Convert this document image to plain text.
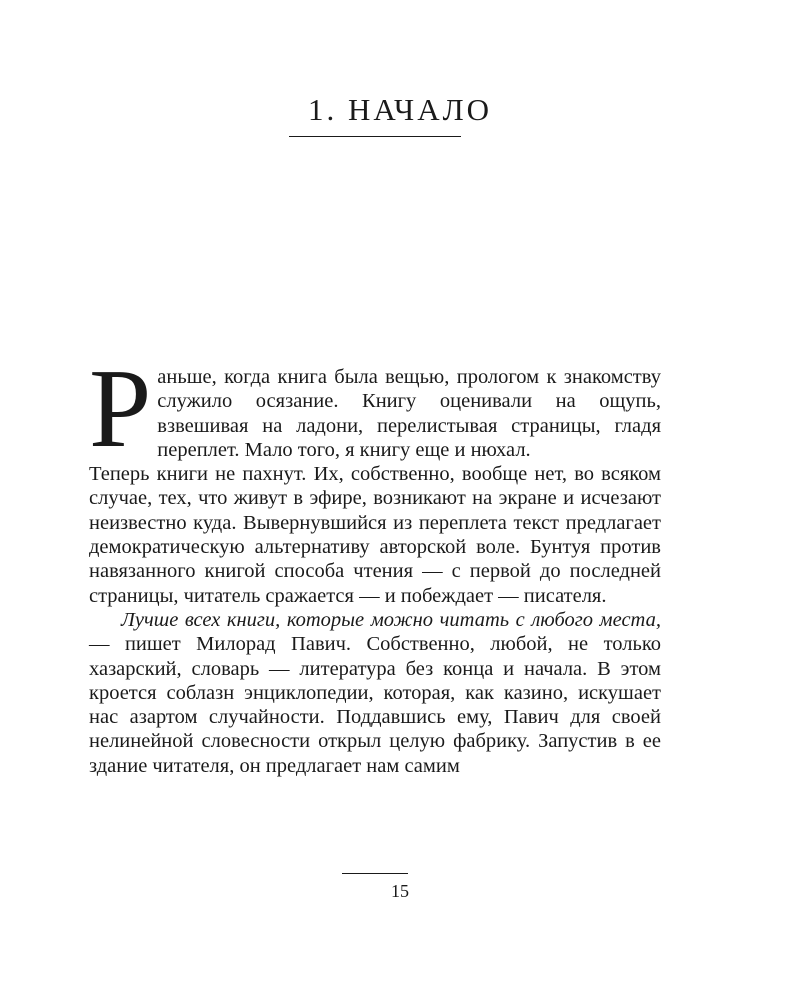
1. НАЧАЛО

Раньше, когда книга была вещью, прологом к знакомству служило осязание. Книгу оценивали на ощупь, взвешивая на ладони, перелистывая страницы, гладя переплет. Мало того, я книгу еще и нюхал.

Теперь книги не пахнут. Их, собственно, вообще нет, во всяком случае, тех, что живут в эфире, возникают на экране и исчезают неизвестно куда. Вывернувшийся из переплета текст предлагает демократическую альтернативу авторской воле. Бунтуя против навязанного книгой способа чтения — с первой до последней страницы, читатель сражается — и побеждает — писателя.

Лучше всех книги, которые можно читать с любого места, — пишет Милорад Павич. Собственно, любой, не только хазарский, словарь — литература без конца и начала. В этом кроется соблазн энциклопедии, которая, как казино, искушает нас азартом случайности. Поддавшись ему, Павич для своей нелинейной словесности открыл целую фабрику. Запустив в ее здание читателя, он предлагает нам самим

15
